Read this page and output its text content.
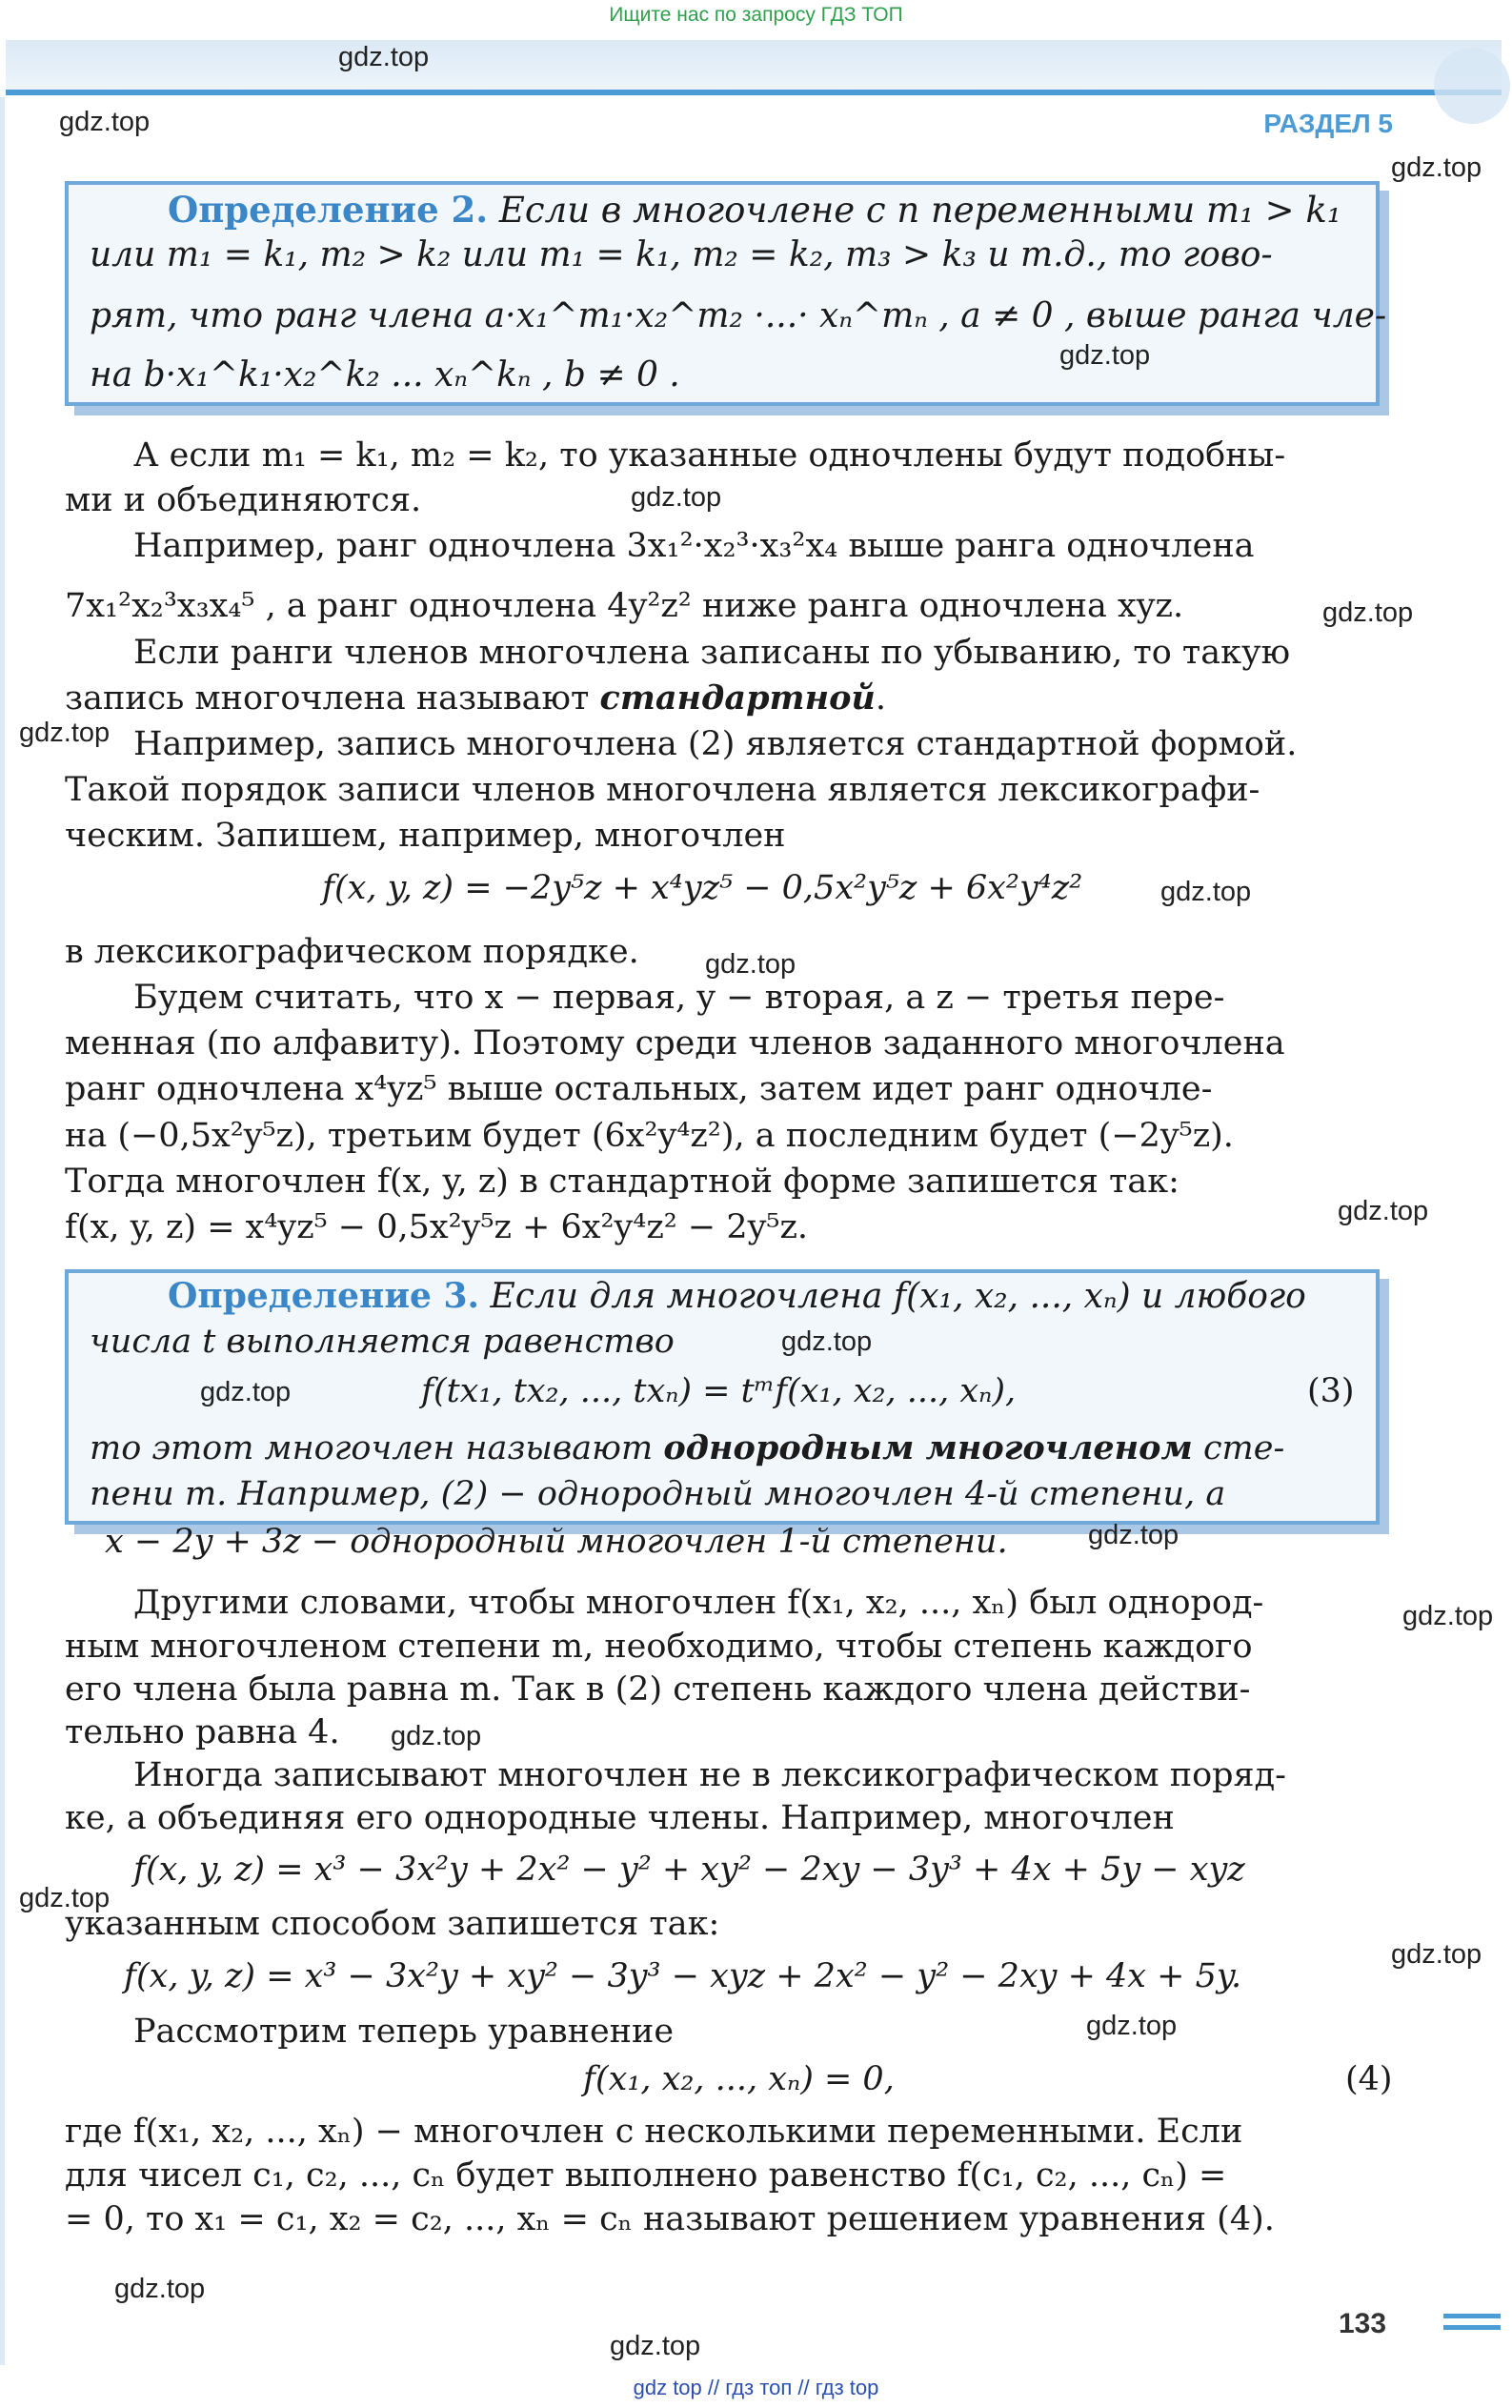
Ищите нас по запросу ГДЗ ТОП
РАЗДЕЛ 5
Определение 2. Если в многочлене с n переменными m₁ > k₁
или m₁ = k₁, m₂ > k₂ или m₁ = k₁, m₂ = k₂, m₃ > k₃ и т.д., то гово-
рят, что ранг члена a·x₁^m₁·x₂^m₂ ·...· xₙ^mₙ , a ≠ 0 , выше ранга чле-
на b·x₁^k₁·x₂^k₂ ... xₙ^kₙ , b ≠ 0 .
А если m₁ = k₁, m₂ = k₂, то указанные одночлены будут подобны-
ми и объединяются.
Например, ранг одночлена 3x₁²·x₂³·x₃²x₄ выше ранга одночлена
7x₁²x₂³x₃x₄⁵ , а ранг одночлена 4y²z² ниже ранга одночлена xyz.
Если ранги членов многочлена записаны по убыванию, то такую
запись многочлена называют стандартной.
Например, запись многочлена (2) является стандартной формой.
Такой порядок записи членов многочлена является лексикографи-
ческим. Запишем, например, многочлен
f(x, y, z) = −2y⁵z + x⁴yz⁵ − 0,5x²y⁵z + 6x²y⁴z²
в лексикографическом порядке.
Будем считать, что x − первая, y − вторая, а z − третья пере-
менная (по алфавиту). Поэтому среди членов заданного многочлена
ранг одночлена x⁴yz⁵ выше остальных, затем идет ранг одночле-
на (−0,5x²y⁵z), третьим будет (6x²y⁴z²), а последним будет (−2y⁵z).
Тогда многочлен f(x, y, z) в стандартной форме запишется так:
f(x, y, z) = x⁴yz⁵ − 0,5x²y⁵z + 6x²y⁴z² − 2y⁵z.
Определение 3. Если для многочлена f(x₁, x₂, ..., xₙ) и любого
числа t выполняется равенство
f(tx₁, tx₂, ..., txₙ) = tᵐf(x₁, x₂, ..., xₙ),	(3)
то этот многочлен называют однородным многочленом сте-
пени m. Например, (2) − однородный многочлен 4-й степени, а
Другими словами, чтобы многочлен f(x₁, x₂, ..., xₙ) был однород-
ным многочленом степени m, необходимо, чтобы степень каждого
его члена была равна m. Так в (2) степень каждого члена действи-
тельно равна 4.
Иногда записывают многочлен не в лексикографическом поряд-
ке, а объединяя его однородные члены. Например, многочлен
f(x, y, z) = x³ − 3x²y + 2x² − y² + xy² − 2xy − 3y³ + 4x + 5y − xyz
указанным способом запишется так:
f(x, y, z) = x³ − 3x²y + xy² − 3y³ − xyz + 2x² − y² − 2xy + 4x + 5y.
Рассмотрим теперь уравнение
f(x₁, x₂, ..., xₙ) = 0,	(4)
где f(x₁, x₂, ..., xₙ) − многочлен с несколькими переменными. Если
для чисел c₁, c₂, ..., cₙ будет выполнено равенство f(c₁, c₂, ..., cₙ) =
= 0, то x₁ = c₁, x₂ = c₂, ..., xₙ = cₙ называют решением уравнения (4).
133
x − 2y + 3z − однородный многочлен 1-й степени.
gdz.top
gdz.top
gdz.top
gdz.top
gdz.top
gdz.top
gdz.top
gdz.top
gdz.top
gdz.top
gdz.top
gdz.top
gdz.top
gdz.top
gdz.top
gdz.top
gdz.top
gdz.top
gdz.top
gdz.top
gdz top // гдз топ // гдз top
